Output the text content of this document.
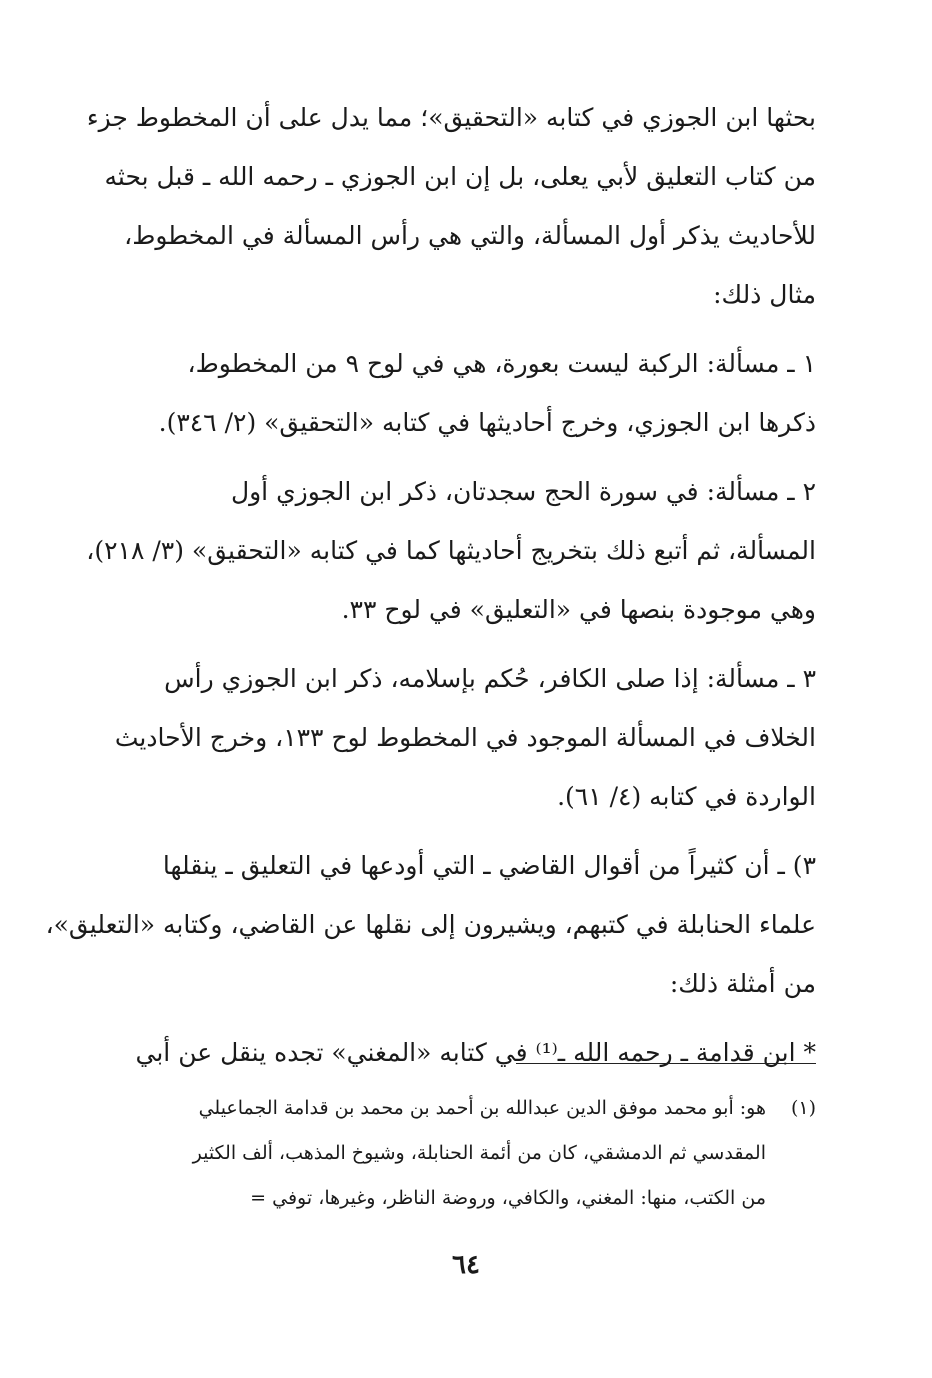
بحثها ابن الجوزي في كتابه «التحقيق»؛ مما يدل على أن المخطوط جزء
من كتاب التعليق لأبي يعلى، بل إن ابن الجوزي ـ رحمه الله ـ قبل بحثه
للأحاديث يذكر أول المسألة، والتي هي رأس المسألة في المخطوط،
مثال ذلك:

١ ـ مسألة: الركبة ليست بعورة، هي في لوح ٩ من المخطوط،
ذكرها ابن الجوزي، وخرج أحاديثها في كتابه «التحقيق» (٢/ ٣٤٦).

٢ ـ مسألة: في سورة الحج سجدتان، ذكر ابن الجوزي أول
المسألة، ثم أتبع ذلك بتخريج أحاديثها كما في كتابه «التحقيق» (٣/ ٢١٨)،
وهي موجودة بنصها في «التعليق» في لوح ٣٣.

٣ ـ مسألة: إذا صلى الكافر، حُكم بإسلامه، ذكر ابن الجوزي رأس
الخلاف في المسألة الموجود في المخطوط لوح ١٣٣، وخرج الأحاديث
الواردة في كتابه (٤/ ٦١).

٣) ـ أن كثيراً من أقوال القاضي ـ التي أودعها في التعليق ـ ينقلها
علماء الحنابلة في كتبهم، ويشيرون إلى نقلها عن القاضي، وكتابه «التعليق»،
من أمثلة ذلك:

* ابن قدامة ـ رحمه الله ـ⁽¹⁾ في كتابه «المغني» تجده ينقل عن أبي

(١)
هو: أبو محمد موفق الدين عبدالله بن أحمد بن محمد بن قدامة الجماعيلي
المقدسي ثم الدمشقي، كان من أئمة الحنابلة، وشيوخ المذهب، ألف الكثير
من الكتب، منها: المغني، والكافي، وروضة الناظر، وغيرها، توفي =
٦٤
